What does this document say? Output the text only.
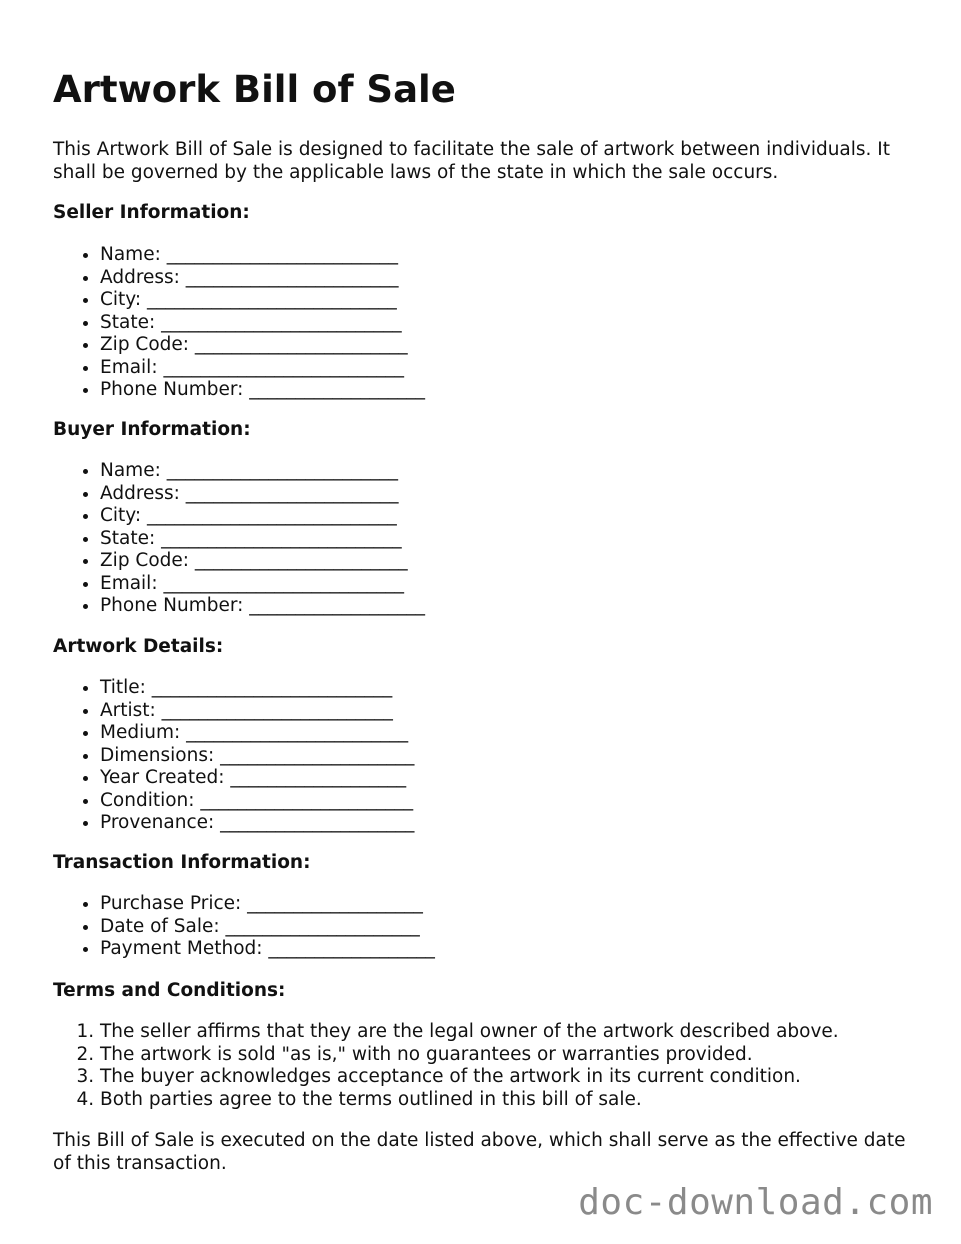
Artwork Bill of Sale

This Artwork Bill of Sale is designed to facilitate the sale of artwork between individuals. It shall be governed by the applicable laws of the state in which the sale occurs.

Seller Information:
• Name: _________________________
• Address: _______________________
• City: ___________________________
• State: __________________________
• Zip Code: _______________________
• Email: __________________________
• Phone Number: ___________________
Buyer Information:
• Name: _________________________
• Address: _______________________
• City: ___________________________
• State: __________________________
• Zip Code: _______________________
• Email: __________________________
• Phone Number: ___________________
Artwork Details:
• Title: __________________________
• Artist: _________________________
• Medium: ________________________
• Dimensions: _____________________
• Year Created: ___________________
• Condition: _______________________
• Provenance: _____________________
Transaction Information:
• Purchase Price: ___________________
• Date of Sale: _____________________
• Payment Method: __________________
Terms and Conditions:
1. The seller affirms that they are the legal owner of the artwork described above.
2. The artwork is sold "as is," with no guarantees or warranties provided.
3. The buyer acknowledges acceptance of the artwork in its current condition.
4. Both parties agree to the terms outlined in this bill of sale.

This Bill of Sale is executed on the date listed above, which shall serve as the effective date of this transaction.

doc-download.com
